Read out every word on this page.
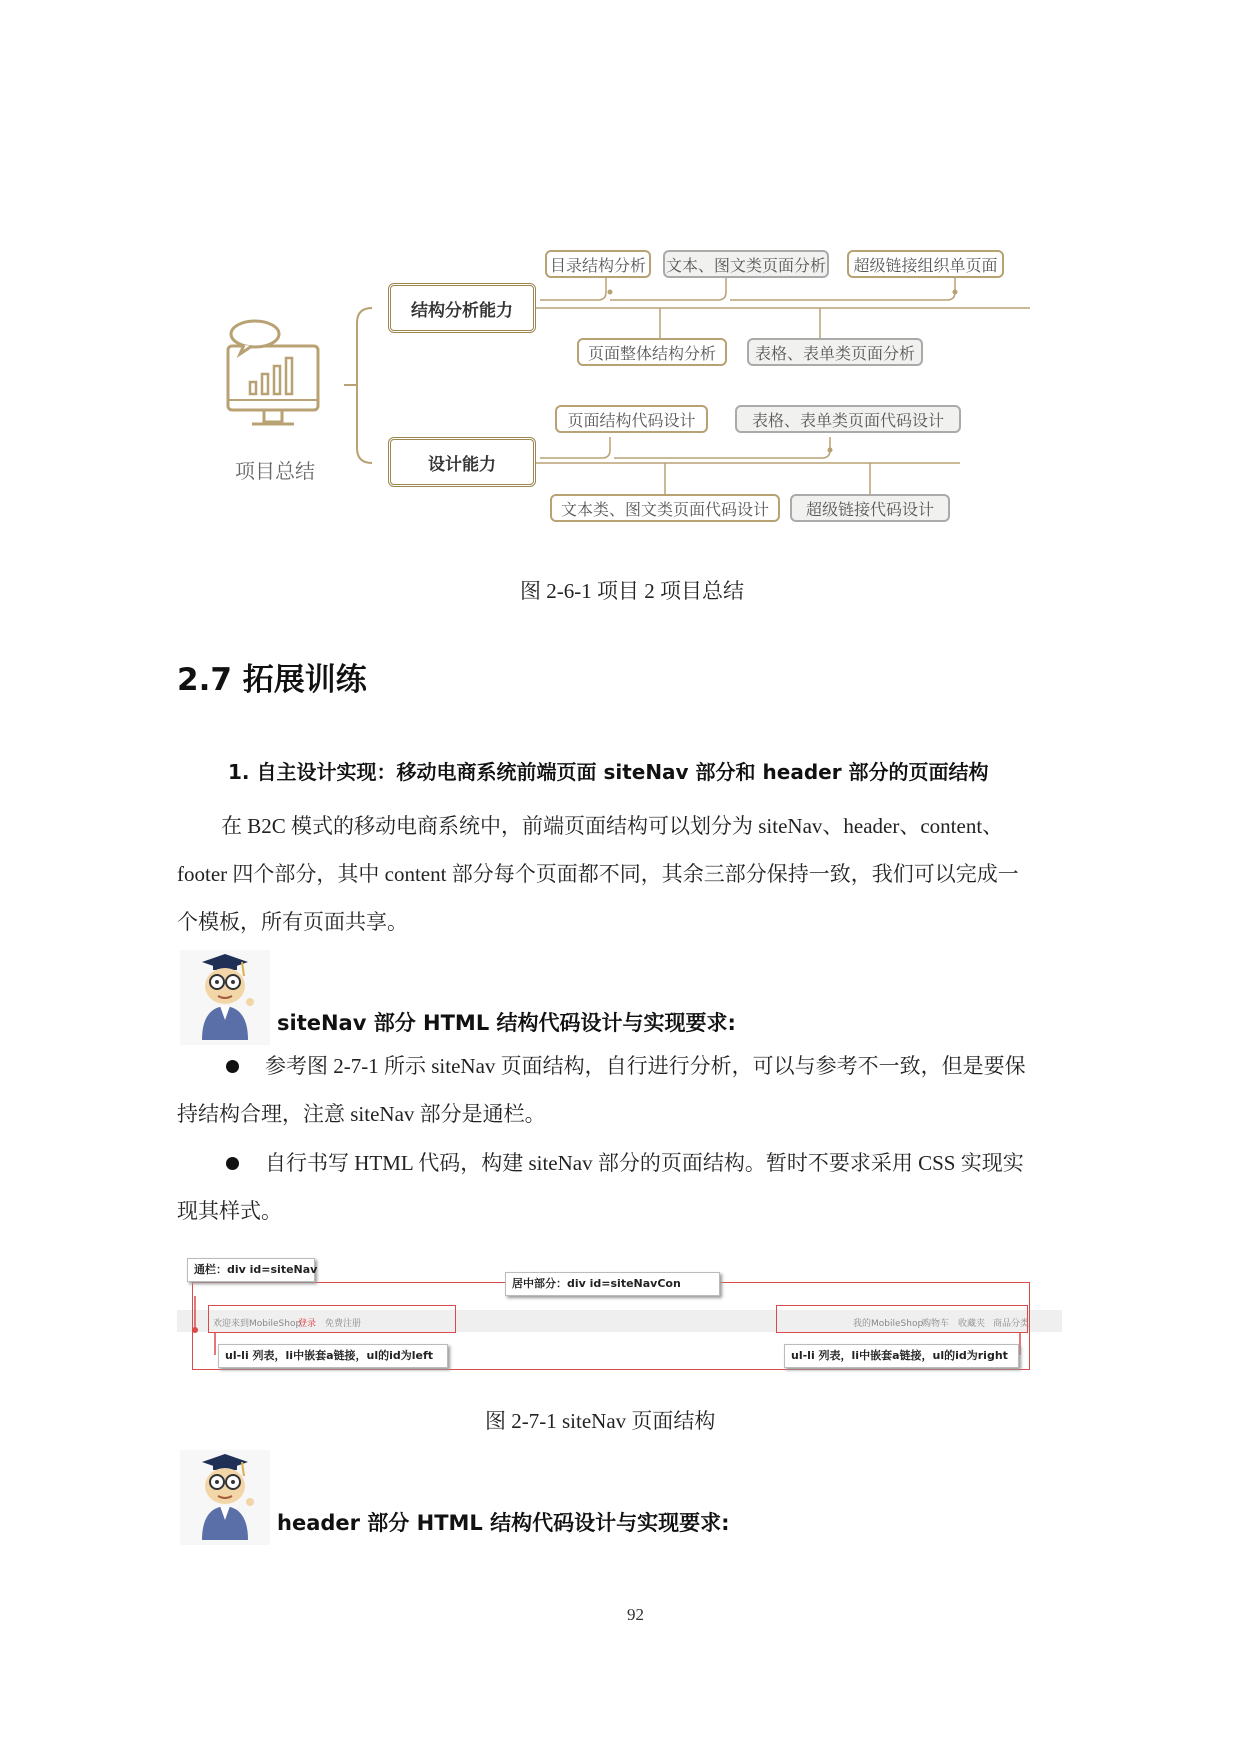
项目总结
结构分析能力
目录结构分析	文本、图文类页面分析	超级链接组织单页面
页面整体结构分析	表格、表单类页面分析
设计能力
页面结构代码设计	表格、表单类页面代码设计
文本类、图文类页面代码设计	超级链接代码设计
图 2-6-1 项目 2 项目总结
2.7 拓展训练
1. 自主设计实现：移动电商系统前端页面 siteNav 部分和 header 部分的页面结构
在 B2C 模式的移动电商系统中，前端页面结构可以划分为 siteNav、header、content、
footer 四个部分，其中 content 部分每个页面都不同，其余三部分保持一致，我们可以完成一
个模板，所有页面共享。
siteNav 部分 HTML 结构代码设计与实现要求:
参考图 2-7-1 所示 siteNav 页面结构，自行进行分析，可以与参考不一致，但是要保
持结构合理，注意 siteNav 部分是通栏。
自行书写 HTML 代码，构建 siteNav 部分的页面结构。暂时不要求采用 CSS 实现实
现其样式。
欢迎来到MobileShop
登录 免费注册	我的MobileShop
购物车 收藏夹 商品分类
通栏：div id=siteNav
居中部分：div id=siteNavCon
ul-li 列表，li中嵌套a链接，ul的id为left	ul-li 列表，li中嵌套a链接，ul的id为right
图 2-7-1 siteNav 页面结构
header 部分 HTML 结构代码设计与实现要求:
92
